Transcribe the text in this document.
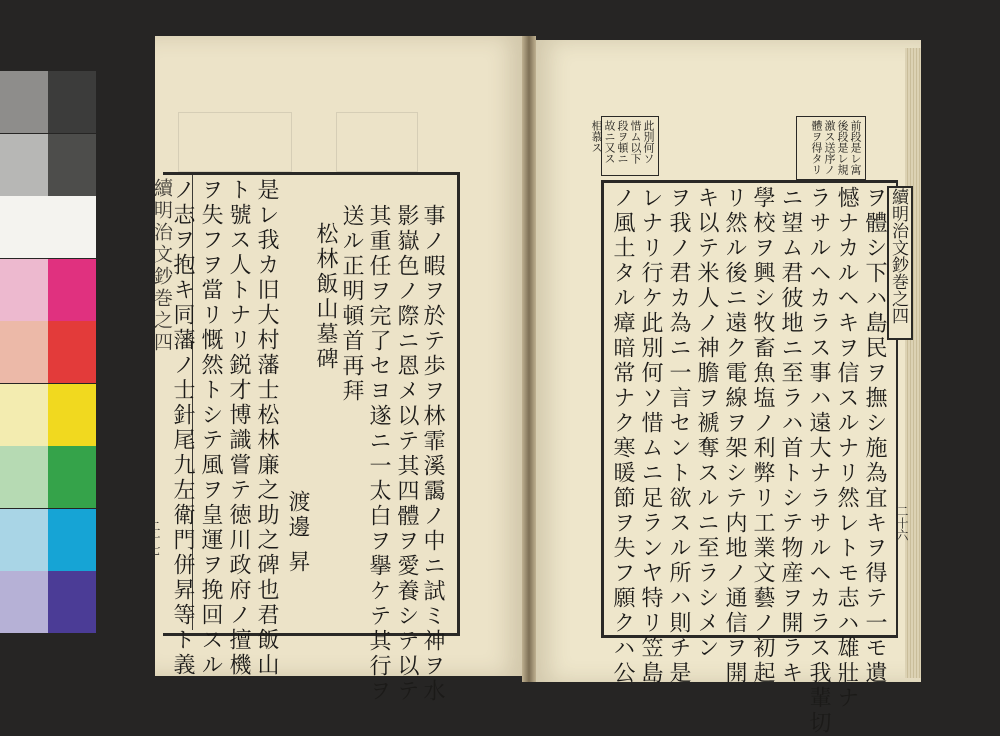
續明治文鈔巻之四	事ノ暇ヲ於テ歩ヲ林霏溪靄ノ中ニ試ミ神ヲ水
影嶽色ノ際ニ恩メ以テ其四體ヲ愛養シテ以テ
其重任ヲ完了セヨ遂ニ一太白ヲ擧ケテ其行ヲ
送ル正明頓首再拜
松林飯山墓碑
渡邊 昇
是レ我カ旧大村藩士松林廉之助之碑也君飯山
ト號ス人トナリ鋭才博識嘗テ徳川政府ノ擅機
ヲ失フヲ當リ慨然トシテ風ヲ皇運ヲ挽回スル
ノ志ヲ抱キ同藩ノ士針尾九左衛門併昇等ト義
二十七
前段是レ寓後段是レ規激ス送序ノ體ヲ得タリ
此別何ソ惜ム以下段ヲ頓ニ故ニ又ス相慕ス
續明治文鈔巻之四
ヲ體シ下ハ島民ヲ撫シ施為宜キヲ得テ一モ遺
憾ナカルヘキヲ信スルナリ然レトモ志ハ雄壯ナ
ラサルヘカラス事ハ遠大ナラサルヘカラス我輩切
ニ望ム君彼地ニ至ラハ首トシテ物産ヲ開ラキ
學校ヲ興シ牧畜魚塩ノ利弊リ工業文藝ノ初起
リ然ル後ニ遠ク電線ヲ架シテ内地ノ通信ヲ開
キ以テ米人ノ神膽ヲ褫奪スルニ至ラシメン
ヲ我ノ君カ為ニ一言セント欲スル所ハ則チ是
レナリ行ケ此別何ソ惜ムニ足ランヤ特リ笠島
ノ風土タル瘴暗常ナク寒暖節ヲ失フ願クハ公	二十六
